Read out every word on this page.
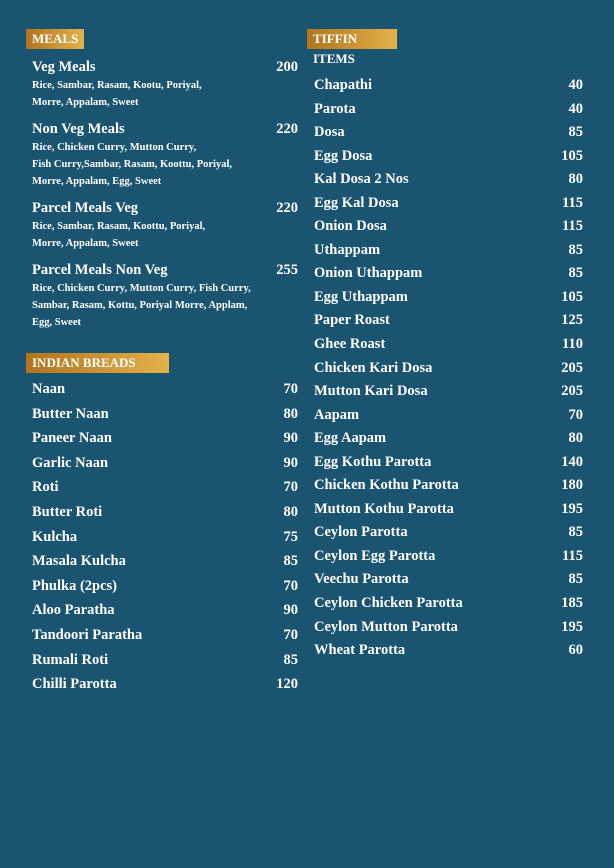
MEALS
Veg Meals	200
Rice, Sambar, Rasam, Kootu, Poriyal,
Morre, Appalam, Sweet
Non Veg Meals	220
Rice, Chicken Curry, Mutton Curry,
Fish Curry,Sambar, Rasam, Koottu, Poriyal,
Morre, Appalam, Egg, Sweet
Parcel Meals Veg	220
Rice, Sambar, Rasam, Koottu, Poriyal,
Morre, Appalam, Sweet
Parcel Meals Non Veg	255
Rice, Chicken Curry, Mutton Curry, Fish Curry,
Sambar, Rasam, Kottu, Poriyal Morre, Applam,
Egg, Sweet
INDIAN BREADS
Naan	70
Butter Naan	80
Paneer Naan	90
Garlic Naan	90
Roti	70
Butter Roti	80
Kulcha	75
Masala Kulcha	85
Phulka (2pcs)	70
Aloo Paratha	90
Tandoori Paratha	70
Rumali Roti	85
Chilli Parotta	120
TIFFIN ITEMS
Chapathi	40
Parota	40
Dosa	85
Egg Dosa	105
Kal Dosa 2 Nos	80
Egg Kal Dosa	115
Onion Dosa	115
Uthappam	85
Onion Uthappam	85
Egg Uthappam	105
Paper Roast	125
Ghee Roast	110
Chicken Kari Dosa	205
Mutton Kari Dosa	205
Aapam	70
Egg Aapam	80
Egg Kothu Parotta	140
Chicken Kothu Parotta	180
Mutton Kothu Parotta	195
Ceylon Parotta	85
Ceylon Egg Parotta	115
Veechu Parotta	85
Ceylon Chicken Parotta	185
Ceylon Mutton Parotta	195
Wheat Parotta	60
